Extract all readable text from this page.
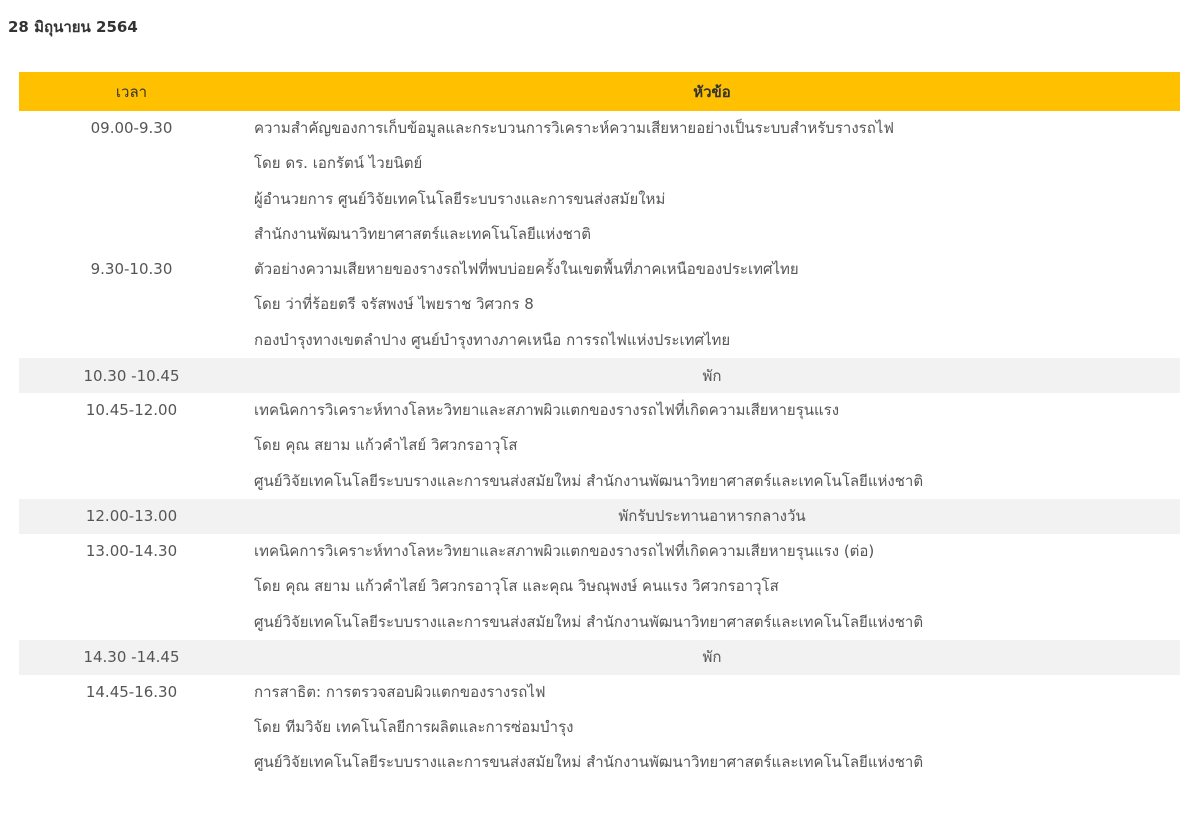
28 มิถุนายน 2564
เวลา	หัวข้อ

09.00-9.30	ความสำคัญของการเก็บข้อมูลและกระบวนการวิเคราะห์ความเสียหายอย่างเป็นระบบสำหรับรางรถไฟ
โดย ดร. เอกรัตน์ ไวยนิตย์
ผู้อำนวยการ ศูนย์วิจัยเทคโนโลยีระบบรางและการขนส่งสมัยใหม่
สำนักงานพัฒนาวิทยาศาสตร์และเทคโนโลยีแห่งชาติ

9.30-10.30	ตัวอย่างความเสียหายของรางรถไฟที่พบบ่อยครั้งในเขตพื้นที่ภาคเหนือของประเทศไทย
โดย ว่าที่ร้อยตรี จรัสพงษ์ ไพยราช วิศวกร 8
กองบำรุงทางเขตลำปาง ศูนย์บำรุงทางภาคเหนือ การรถไฟแห่งประเทศไทย

10.30 -10.45	พัก

10.45-12.00	เทคนิคการวิเคราะห์ทางโลหะวิทยาและสภาพผิวแตกของรางรถไฟที่เกิดความเสียหายรุนแรง
โดย คุณ สยาม แก้วคำไสย์ วิศวกรอาวุโส
ศูนย์วิจัยเทคโนโลยีระบบรางและการขนส่งสมัยใหม่ สำนักงานพัฒนาวิทยาศาสตร์และเทคโนโลยีแห่งชาติ

12.00-13.00	พักรับประทานอาหารกลางวัน

13.00-14.30	เทคนิคการวิเคราะห์ทางโลหะวิทยาและสภาพผิวแตกของรางรถไฟที่เกิดความเสียหายรุนแรง (ต่อ)
โดย คุณ สยาม แก้วคำไสย์ วิศวกรอาวุโส และคุณ วิษณุพงษ์ คนแรง วิศวกรอาวุโส
ศูนย์วิจัยเทคโนโลยีระบบรางและการขนส่งสมัยใหม่ สำนักงานพัฒนาวิทยาศาสตร์และเทคโนโลยีแห่งชาติ

14.30 -14.45	พัก

14.45-16.30	การสาธิต: การตรวจสอบผิวแตกของรางรถไฟ
โดย ทีมวิจัย เทคโนโลยีการผลิตและการซ่อมบำรุง
ศูนย์วิจัยเทคโนโลยีระบบรางและการขนส่งสมัยใหม่ สำนักงานพัฒนาวิทยาศาสตร์และเทคโนโลยีแห่งชาติ
